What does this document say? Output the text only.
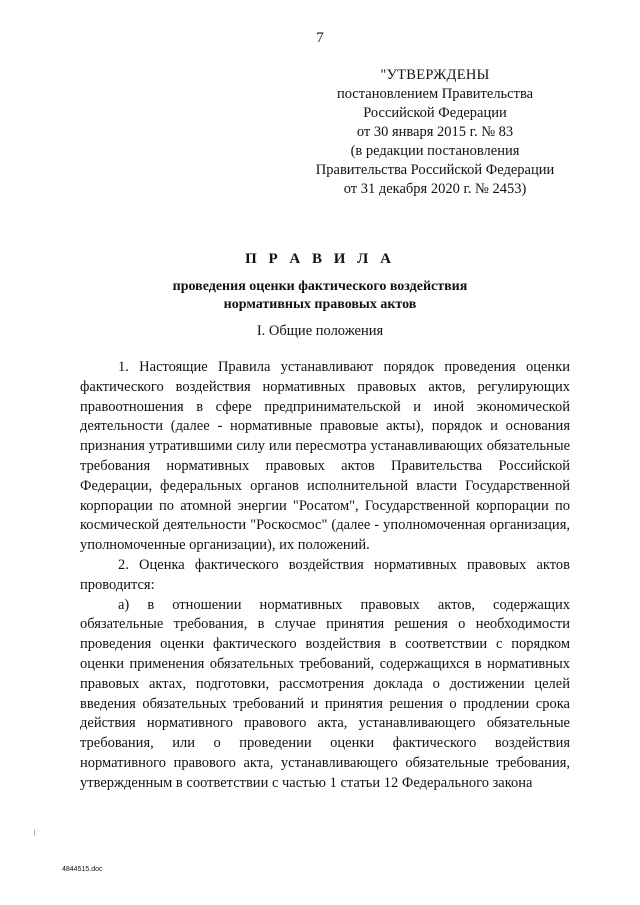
7
"УТВЕРЖДЕНЫ
постановлением Правительства
Российской Федерации
от 30 января 2015 г. № 83
(в редакции постановления
Правительства Российской Федерации
от 31 декабря 2020 г. № 2453)
П Р А В И Л А
проведения оценки фактического воздействия
нормативных правовых актов
I. Общие положения

1. Настоящие Правила устанавливают порядок проведения оценки фактического воздействия нормативных правовых актов, регулирующих правоотношения в сфере предпринимательской и иной экономической деятельности (далее - нормативные правовые акты), порядок и основания признания утратившими силу или пересмотра устанавливающих обязательные требования нормативных правовых актов Правительства Российской Федерации, федеральных органов исполнительной власти Государственной корпорации по атомной энергии "Росатом", Государственной корпорации по космической деятельности "Роскосмос" (далее - уполномоченная организация, уполномоченные организации), их положений.

2. Оценка фактического воздействия нормативных правовых актов проводится:

а) в отношении нормативных правовых актов, содержащих обязательные требования, в случае принятия решения о необходимости проведения оценки фактического воздействия в соответствии с порядком оценки применения обязательных требований, содержащихся в нормативных правовых актах, подготовки, рассмотрения доклада о достижении целей введения обязательных требований и принятия решения о продлении срока действия нормативного правового акта, устанавливающего обязательные требования, или о проведении оценки фактического воздействия нормативного правового акта, устанавливающего обязательные требования, утвержденным в соответствии с частью 1 статьи 12 Федерального закона

4844515.doc
